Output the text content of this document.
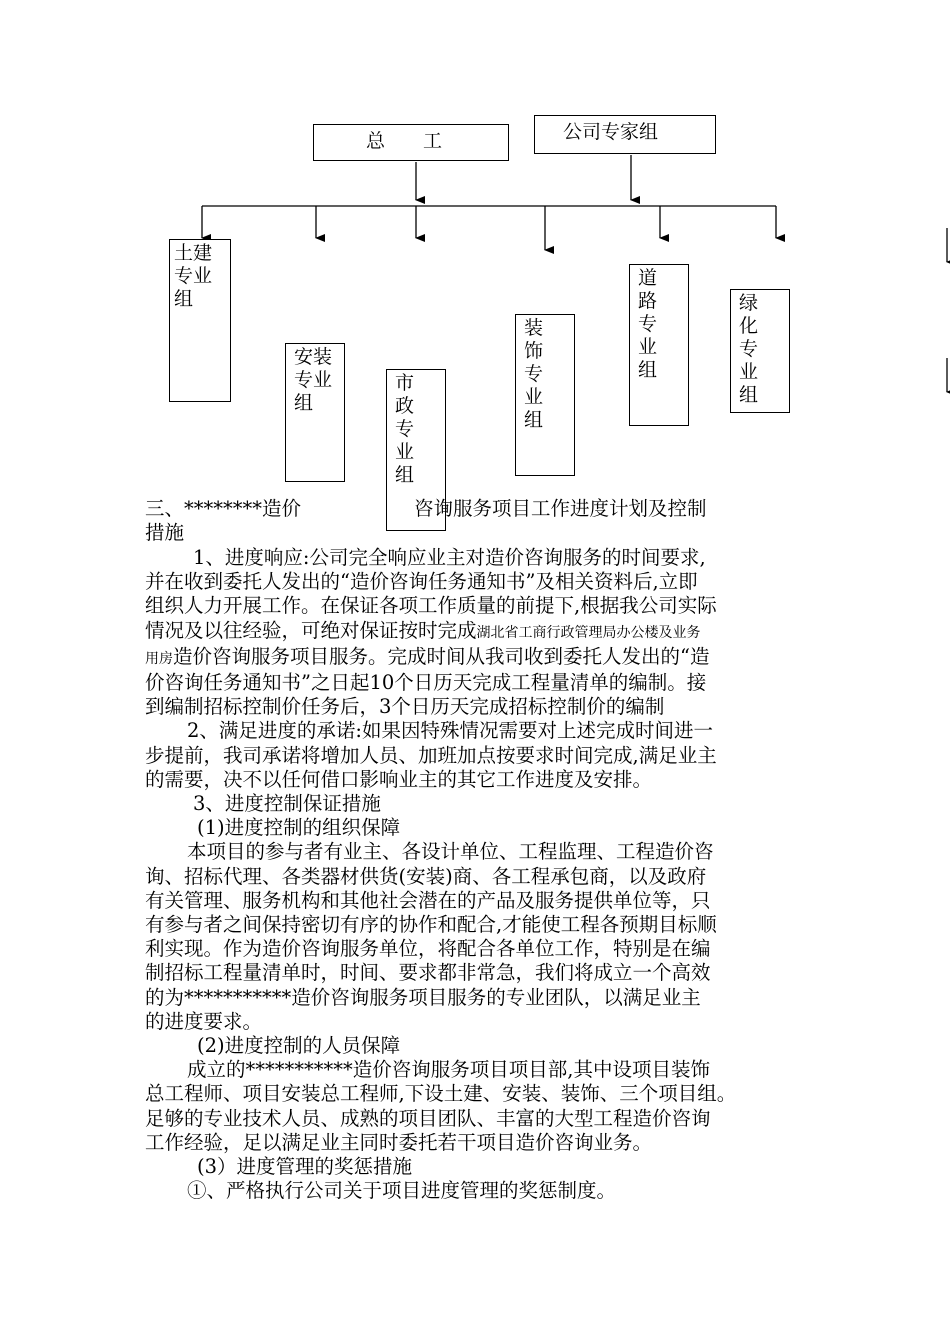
总　　工	公司专家组
土建专业组
安装专业组
市政专业组
装饰专业组
道路专业组
绿化专业组
三、********造价	咨询服务项目工作进度计划及控制
措施
1、进度响应:公司完全响应业主对造价咨询服务的时间要求,
并在收到委托人发出的“造价咨询任务通知书”及相关资料后,立即
组织人力开展工作。在保证各项工作质量的前提下,根据我公司实际
情况及以往经验，可绝对保证按时完成湖北省工商行政管理局办公楼及业务
用房造价咨询服务项目服务。完成时间从我司收到委托人发出的“造
价咨询任务通知书”之日起10个日历天完成工程量清单的编制。接
到编制招标控制价任务后，3个日历天完成招标控制价的编制
2、满足进度的承诺:如果因特殊情况需要对上述完成时间进一
步提前，我司承诺将增加人员、加班加点按要求时间完成,满足业主
的需要，决不以任何借口影响业主的其它工作进度及安排。
3、进度控制保证措施
(1)进度控制的组织保障
本项目的参与者有业主、各设计单位、工程监理、工程造价咨
询、招标代理、各类器材供货(安装)商、各工程承包商，以及政府
有关管理、服务机构和其他社会潜在的产品及服务提供单位等，只
有参与者之间保持密切有序的协作和配合,才能使工程各预期目标顺
利实现。作为造价咨询服务单位，将配合各单位工作，特别是在编
制招标工程量清单时，时间、要求都非常急，我们将成立一个高效
的为***********造价咨询服务项目服务的专业团队，以满足业主
的进度要求。
(2)进度控制的人员保障
成立的***********造价咨询服务项目项目部,其中设项目装饰
总工程师、项目安装总工程师,下设土建、安装、装饰、三个项目组。
足够的专业技术人员、成熟的项目团队、丰富的大型工程造价咨询
工作经验，足以满足业主同时委托若干项目造价咨询业务。
(3）进度管理的奖惩措施
①、严格执行公司关于项目进度管理的奖惩制度。
